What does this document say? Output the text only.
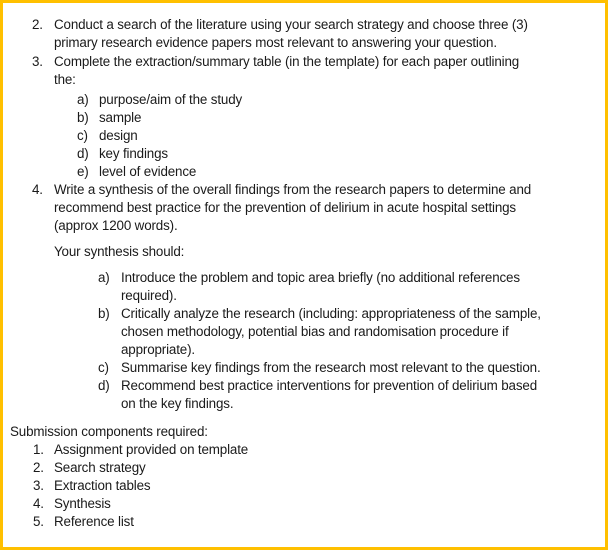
2. Conduct a search of the literature using your search strategy and choose three (3)
primary research evidence papers most relevant to answering your question.
3. Complete the extraction/summary table (in the template) for each paper outlining
the:
a) purpose/aim of the study
b) sample
c) design
d) key findings
e) level of evidence
4. Write a synthesis of the overall findings from the research papers to determine and
recommend best practice for the prevention of delirium in acute hospital settings
(approx 1200 words).
Your synthesis should:
a) Introduce the problem and topic area briefly (no additional references
required).
b) Critically analyze the research (including: appropriateness of the sample,
chosen methodology, potential bias and randomisation procedure if
appropriate).
c) Summarise key findings from the research most relevant to the question.
d) Recommend best practice interventions for prevention of delirium based
on the key findings.
Submission components required:
1. Assignment provided on template
2. Search strategy
3. Extraction tables
4. Synthesis
5. Reference list
